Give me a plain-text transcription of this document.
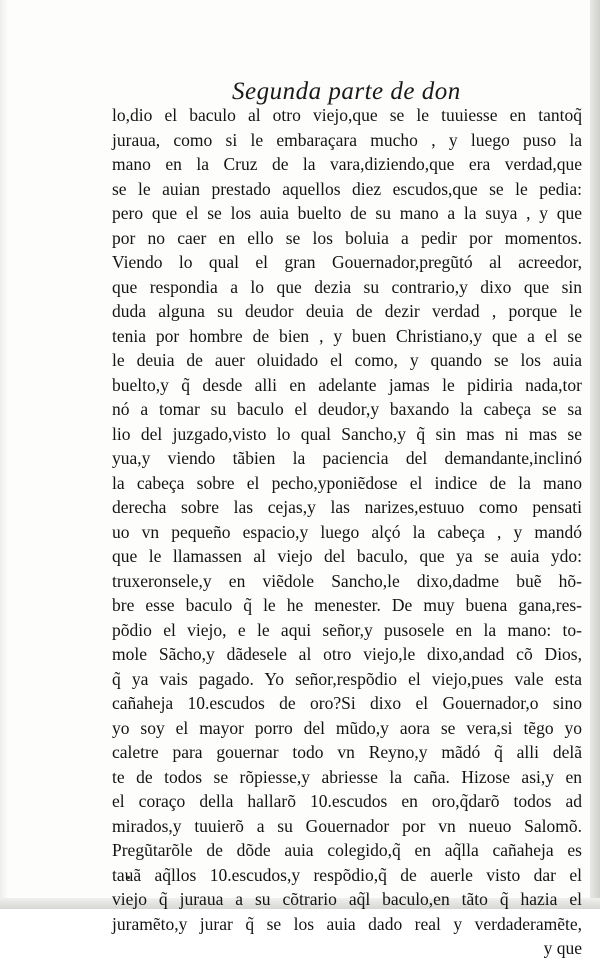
Segunda parte de don
lo,dio el baculo al otro viejo,que se le tuuiesse en tantoq̃
juraua, como si le embaraçara mucho , y luego puso la
mano en la Cruz de la vara,diziendo,que era verdad,que
se le auian prestado aquellos diez escudos,que se le pedia:
pero que el se los auia buelto de su mano a la suya , y que
por no caer en ello se los boluia a pedir por momentos.
Viendo lo qual el gran Gouernador,pregũtó al acreedor,
que respondia a lo que dezia su contrario,y dixo que sin
duda alguna su deudor deuia de dezir verdad , porque le
tenia por hombre de bien , y buen Christiano,y que a el se
le deuia de auer oluidado el como, y quando se los auia
buelto,y q̃ desde alli en adelante jamas le pidiria nada,tor
nó a tomar su baculo el deudor,y baxando la cabeça se sa
lio del juzgado,visto lo qual Sancho,y q̃ sin mas ni mas se
yua,y viendo tãbien la paciencia del demandante,inclinó
la cabeça sobre el pecho,yponiẽdose el indice de la mano
derecha sobre las cejas,y las narizes,estuuo como pensati
uo vn pequeño espacio,y luego alçó la cabeça , y mandó
que le llamassen al viejo del baculo, que ya se auia ydo:
truxeronsele,y en viẽdole Sancho,le dixo,dadme buẽ hõ-
bre esse baculo q̃ le he menester. De muy buena gana,res-
põdio el viejo, e le aqui señor,y pusosele en la mano: to-
mole Sãcho,y dãdesele al otro viejo,le dixo,andad cõ Dios,
q̃ ya vais pagado. Yo señor,respõdio el viejo,pues vale esta
cañaheja 10.escudos de oro?Si dixo el Gouernador,o sino
yo soy el mayor porro del mũdo,y aora se vera,si tẽgo yo
caletre para gouernar todo vn Reyno,y mãdó q̃ alli delã
te de todos se rõpiesse,y abriesse la caña. Hizose asi,y en
el coraço della hallarõ 10.escudos en oro,q̃darõ todos ad
mirados,y tuuierõ a su Gouernador por vn nueuo Salomõ.
Pregũtarõle de dõde auia colegido,q̃ en aq̃lla cañaheja es
tauã aq̃llos 10.escudos,y respõdio,q̃ de auerle visto dar el
viejo q̃ juraua a su cõtrario aq̃l baculo,en tãto q̃ hazia el
juramẽto,y jurar q̃ se los auia dado real y verdaderamẽte,
y que
